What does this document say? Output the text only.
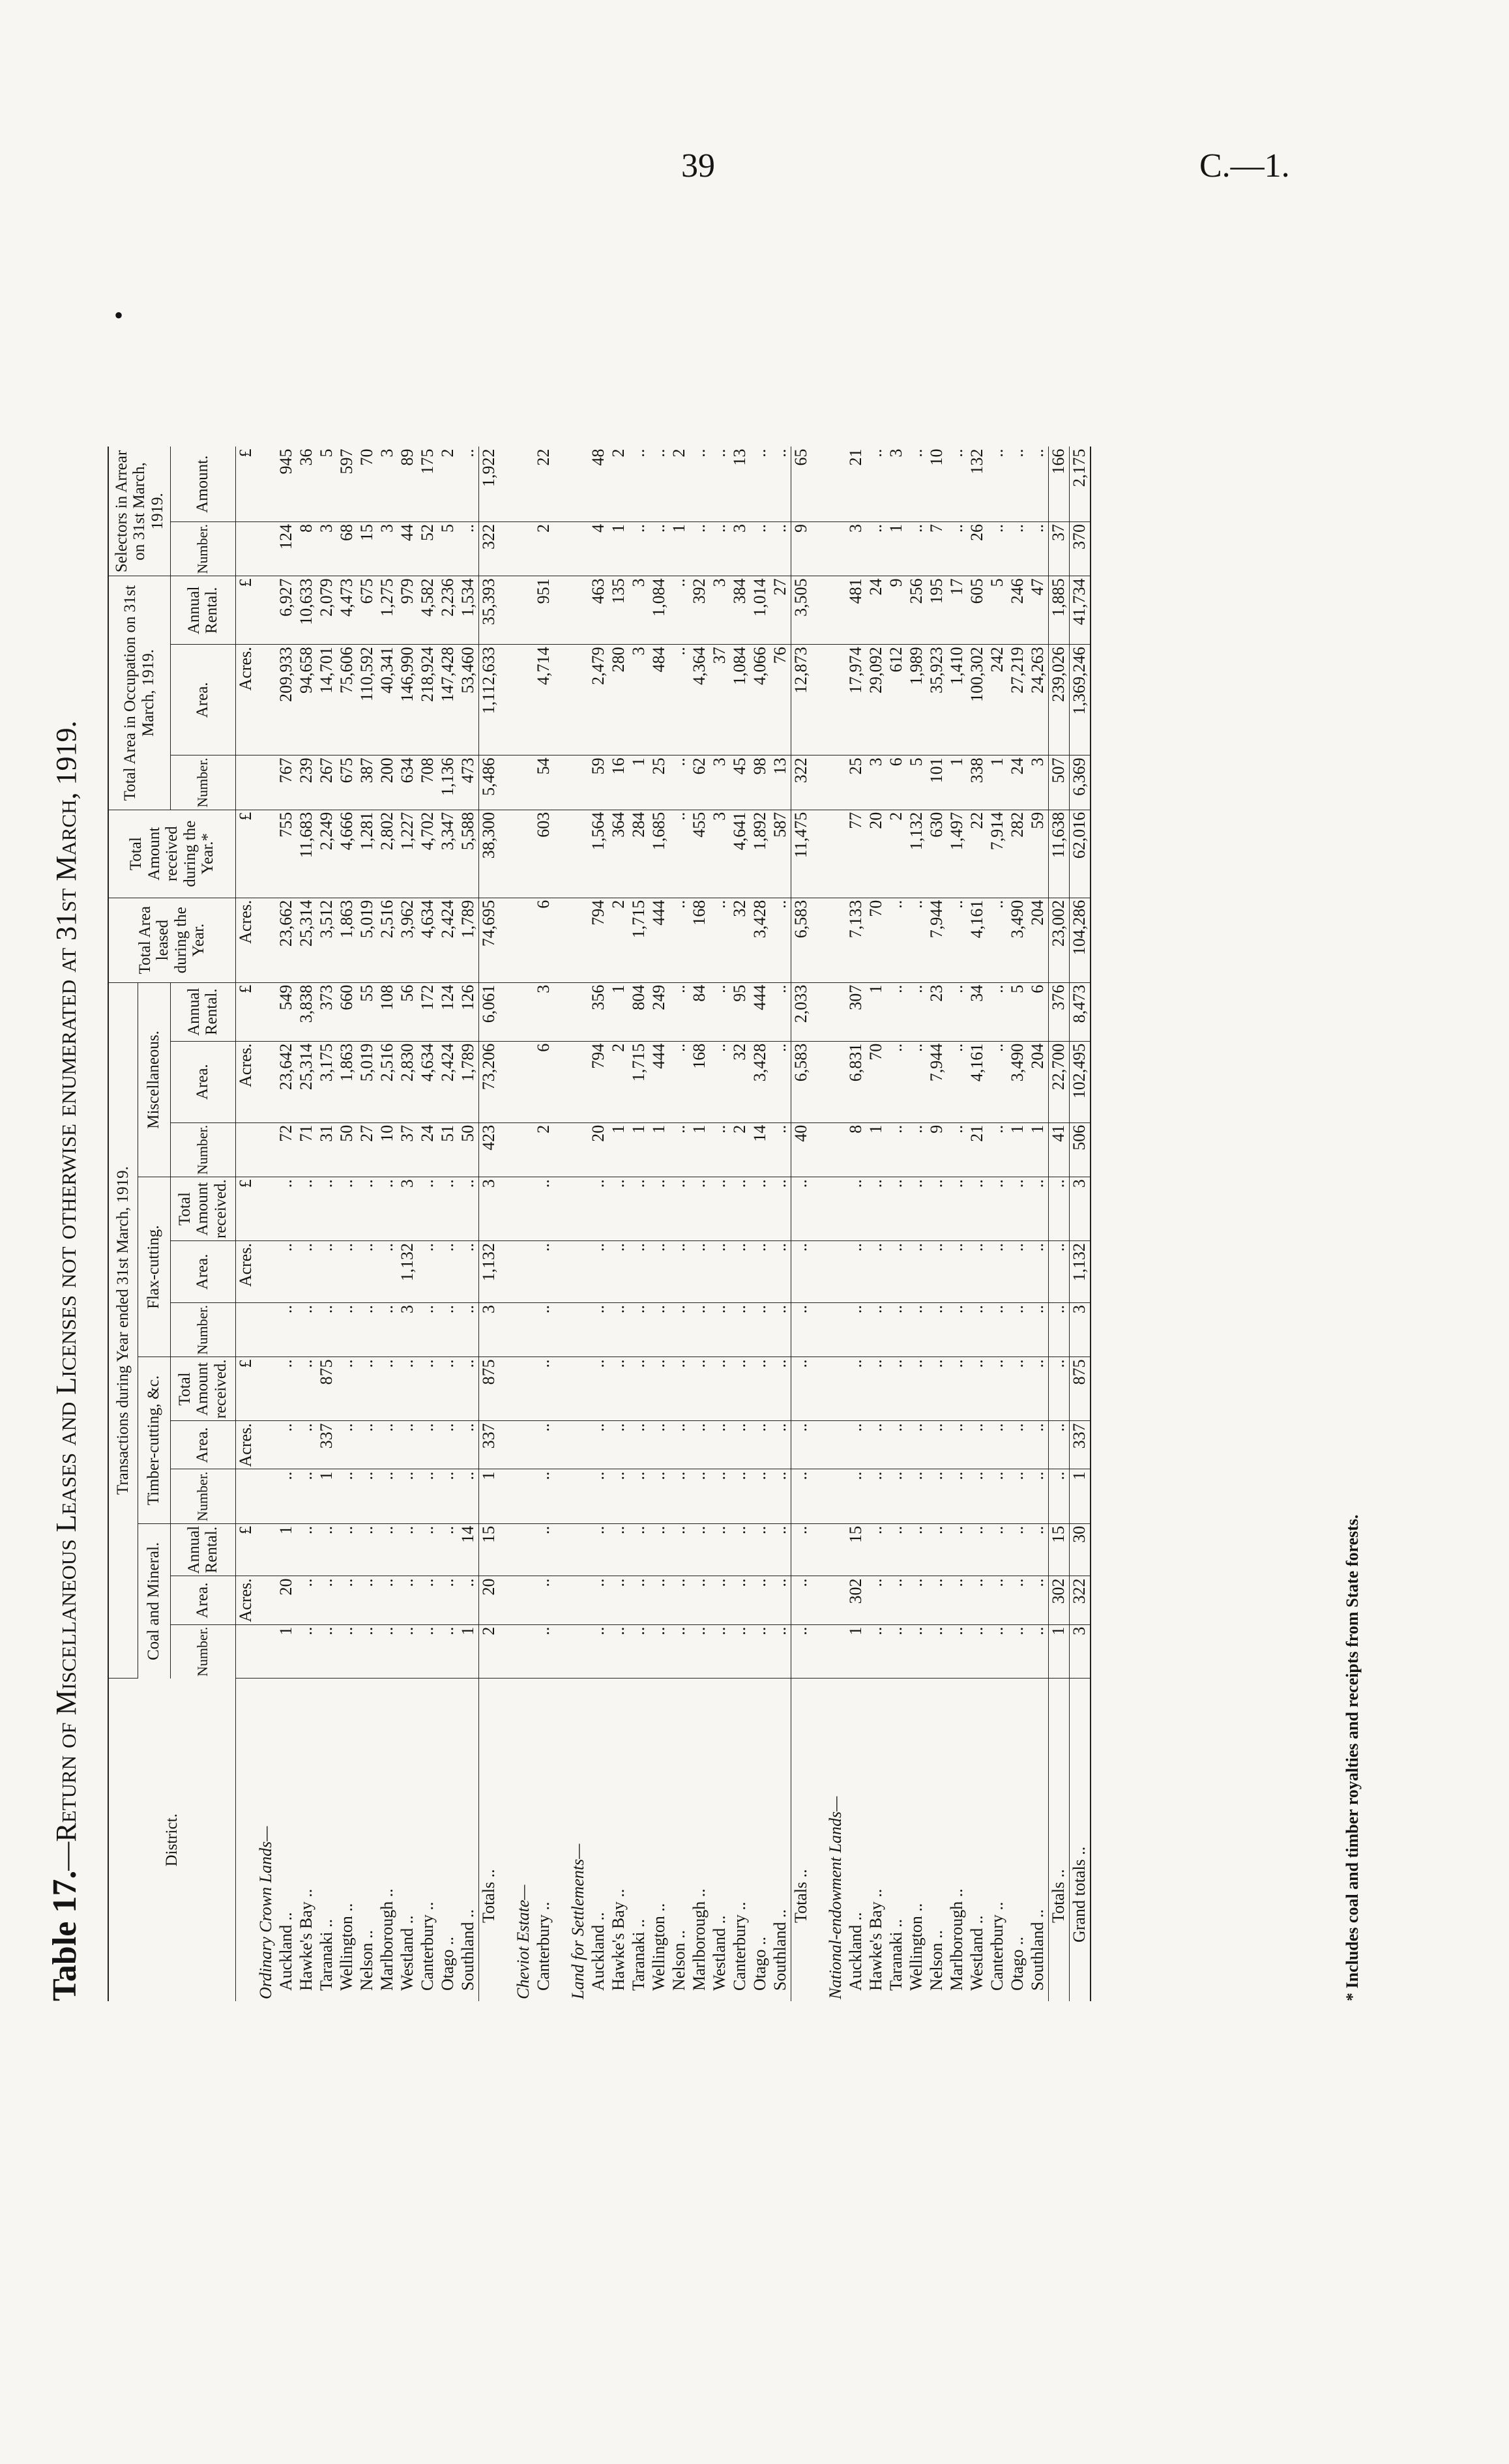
39	C.—1.
•
Table 17.—Return of Miscellaneous Leases and Licenses not otherwise enumerated at 31st March, 1919.	District.	Transactions during Year ended 31st March, 1919.												Total Area leased during the Year.	Total Amount received during the Year.*	Total Area in Occupation on 31st March, 1919.			Selectors in Arrear on 31st March, 1919.	
	Coal and Mineral.			Timber-cutting, &c.			Flax-cutting.			Miscellaneous.									
	Number.	Area.	Annual Rental.	Number.	Area.	Total Amount received.	Number.	Area.	Total Amount received.	Number.	Area.	Annual Rental.			Number.	Area.	Annual Rental.	Number.	Amount.
		Acres.	£		Acres.	£		Acres.	£		Acres.	£	Acres.	£		Acres.	£		£
Ordinary Crown Lands—																			
Auckland ..	1	20	1	..	..	..	..	..	..	72	23,642	549	23,662	755	767	209,933	6,927	124	945
Hawke's Bay ..	..	..	..	..	..	..	..	..	..	71	25,314	3,838	25,314	11,683	239	94,658	10,633	8	36
Taranaki ..	..	..	..	1	337	875	..	..	..	31	3,175	373	3,512	2,249	267	14,701	2,079	3	5
Wellington ..	..	..	..	..	..	..	..	..	..	50	1,863	660	1,863	4,666	675	75,606	4,473	68	597
Nelson ..	..	..	..	..	..	..	..	..	..	27	5,019	55	5,019	1,281	387	110,592	675	15	70
Marlborough ..	..	..	..	..	..	..	..	..	..	10	2,516	108	2,516	2,802	200	40,341	1,275	3	3
Westland ..	..	..	..	..	..	..	3	1,132	3	37	2,830	56	3,962	1,227	634	146,990	979	44	89
Canterbury ..	..	..	..	..	..	..	..	..	..	24	4,634	172	4,634	4,702	708	218,924	4,582	52	175
Otago ..	..	..	..	..	..	..	..	..	..	51	2,424	124	2,424	3,347	1,136	147,428	2,236	5	2
Southland ..	1	..	14	..	..	..	..	..	..	50	1,789	126	1,789	5,588	473	53,460	1,534	..	..
Totals ..	2	20	15	1	337	875	3	1,132	3	423	73,206	6,061	74,695	38,300	5,486	1,112,633	35,393	322	1,922

Cheviot Estate—																			
Canterbury ..	..	..	..	..	..	..	..	..	..	2	6	3	6	603	54	4,714	951	2	22

Land for Settlements—																			
Auckland ..	..	..	..	..	..	..	..	..	..	20	794	356	794	1,564	59	2,479	463	4	48
Hawke's Bay ..	..	..	..	..	..	..	..	..	..	1	2	1	2	364	16	280	135	1	2
Taranaki ..	..	..	..	..	..	..	..	..	..	1	1,715	804	1,715	284	1	3	3	..	..
Wellington ..	..	..	..	..	..	..	..	..	..	1	444	249	444	1,685	25	484	1,084	..	..
Nelson ..	..	..	..	..	..	..	..	..	..	..	..	..	..	..	..	..	..	1	2
Marlborough ..	..	..	..	..	..	..	..	..	..	1	168	84	168	455	62	4,364	392	..	..
Westland ..	..	..	..	..	..	..	..	..	..	..	..	..	..	3	3	37	3	..	..
Canterbury ..	..	..	..	..	..	..	..	..	..	2	32	95	32	4,641	45	1,084	384	3	13
Otago ..	..	..	..	..	..	..	..	..	..	14	3,428	444	3,428	1,892	98	4,066	1,014	..	..
Southland ..	..	..	..	..	..	..	..	..	..	..	..	..	..	587	13	76	27	..	..
Totals ..	..	..	..	..	..	..	..	..	..	40	6,583	2,033	6,583	11,475	322	12,873	3,505	9	65

National-endowment Lands—																			
Auckland ..	1	302	15	..	..	..	..	..	..	8	6,831	307	7,133	77	25	17,974	481	3	21
Hawke's Bay ..	..	..	..	..	..	..	..	..	..	1	70	1	70	20	3	29,092	24	..	..
Taranaki ..	..	..	..	..	..	..	..	..	..	..	..	..	..	2	6	612	9	1	3
Wellington ..	..	..	..	..	..	..	..	..	..	..	..	..	..	1,132	5	1,989	256	..	..
Nelson ..	..	..	..	..	..	..	..	..	..	9	7,944	23	7,944	630	101	35,923	195	7	10
Marlborough ..	..	..	..	..	..	..	..	..	..	..	..	..	..	1,497	1	1,410	17	..	..
Westland ..	..	..	..	..	..	..	..	..	..	21	4,161	34	4,161	22	338	100,302	605	26	132
Canterbury ..	..	..	..	..	..	..	..	..	..	..	..	..	..	7,914	1	242	5	..	..
Otago ..	..	..	..	..	..	..	..	..	..	1	3,490	5	3,490	282	24	27,219	246	..	..
Southland ..	..	..	..	..	..	..	..	..	..	1	204	6	204	59	3	24,263	47	..	..
Totals ..	1	302	15	..	..	..	..	..	..	41	22,700	376	23,002	11,638	507	239,026	1,885	37	166
Grand totals ..	3	322	30	1	337	875	3	1,132	3	506	102,495	8,473	104,286	62,016	6,369	1,369,246	41,734	370	2,175
* Includes coal and timber royalties and receipts from State forests.
